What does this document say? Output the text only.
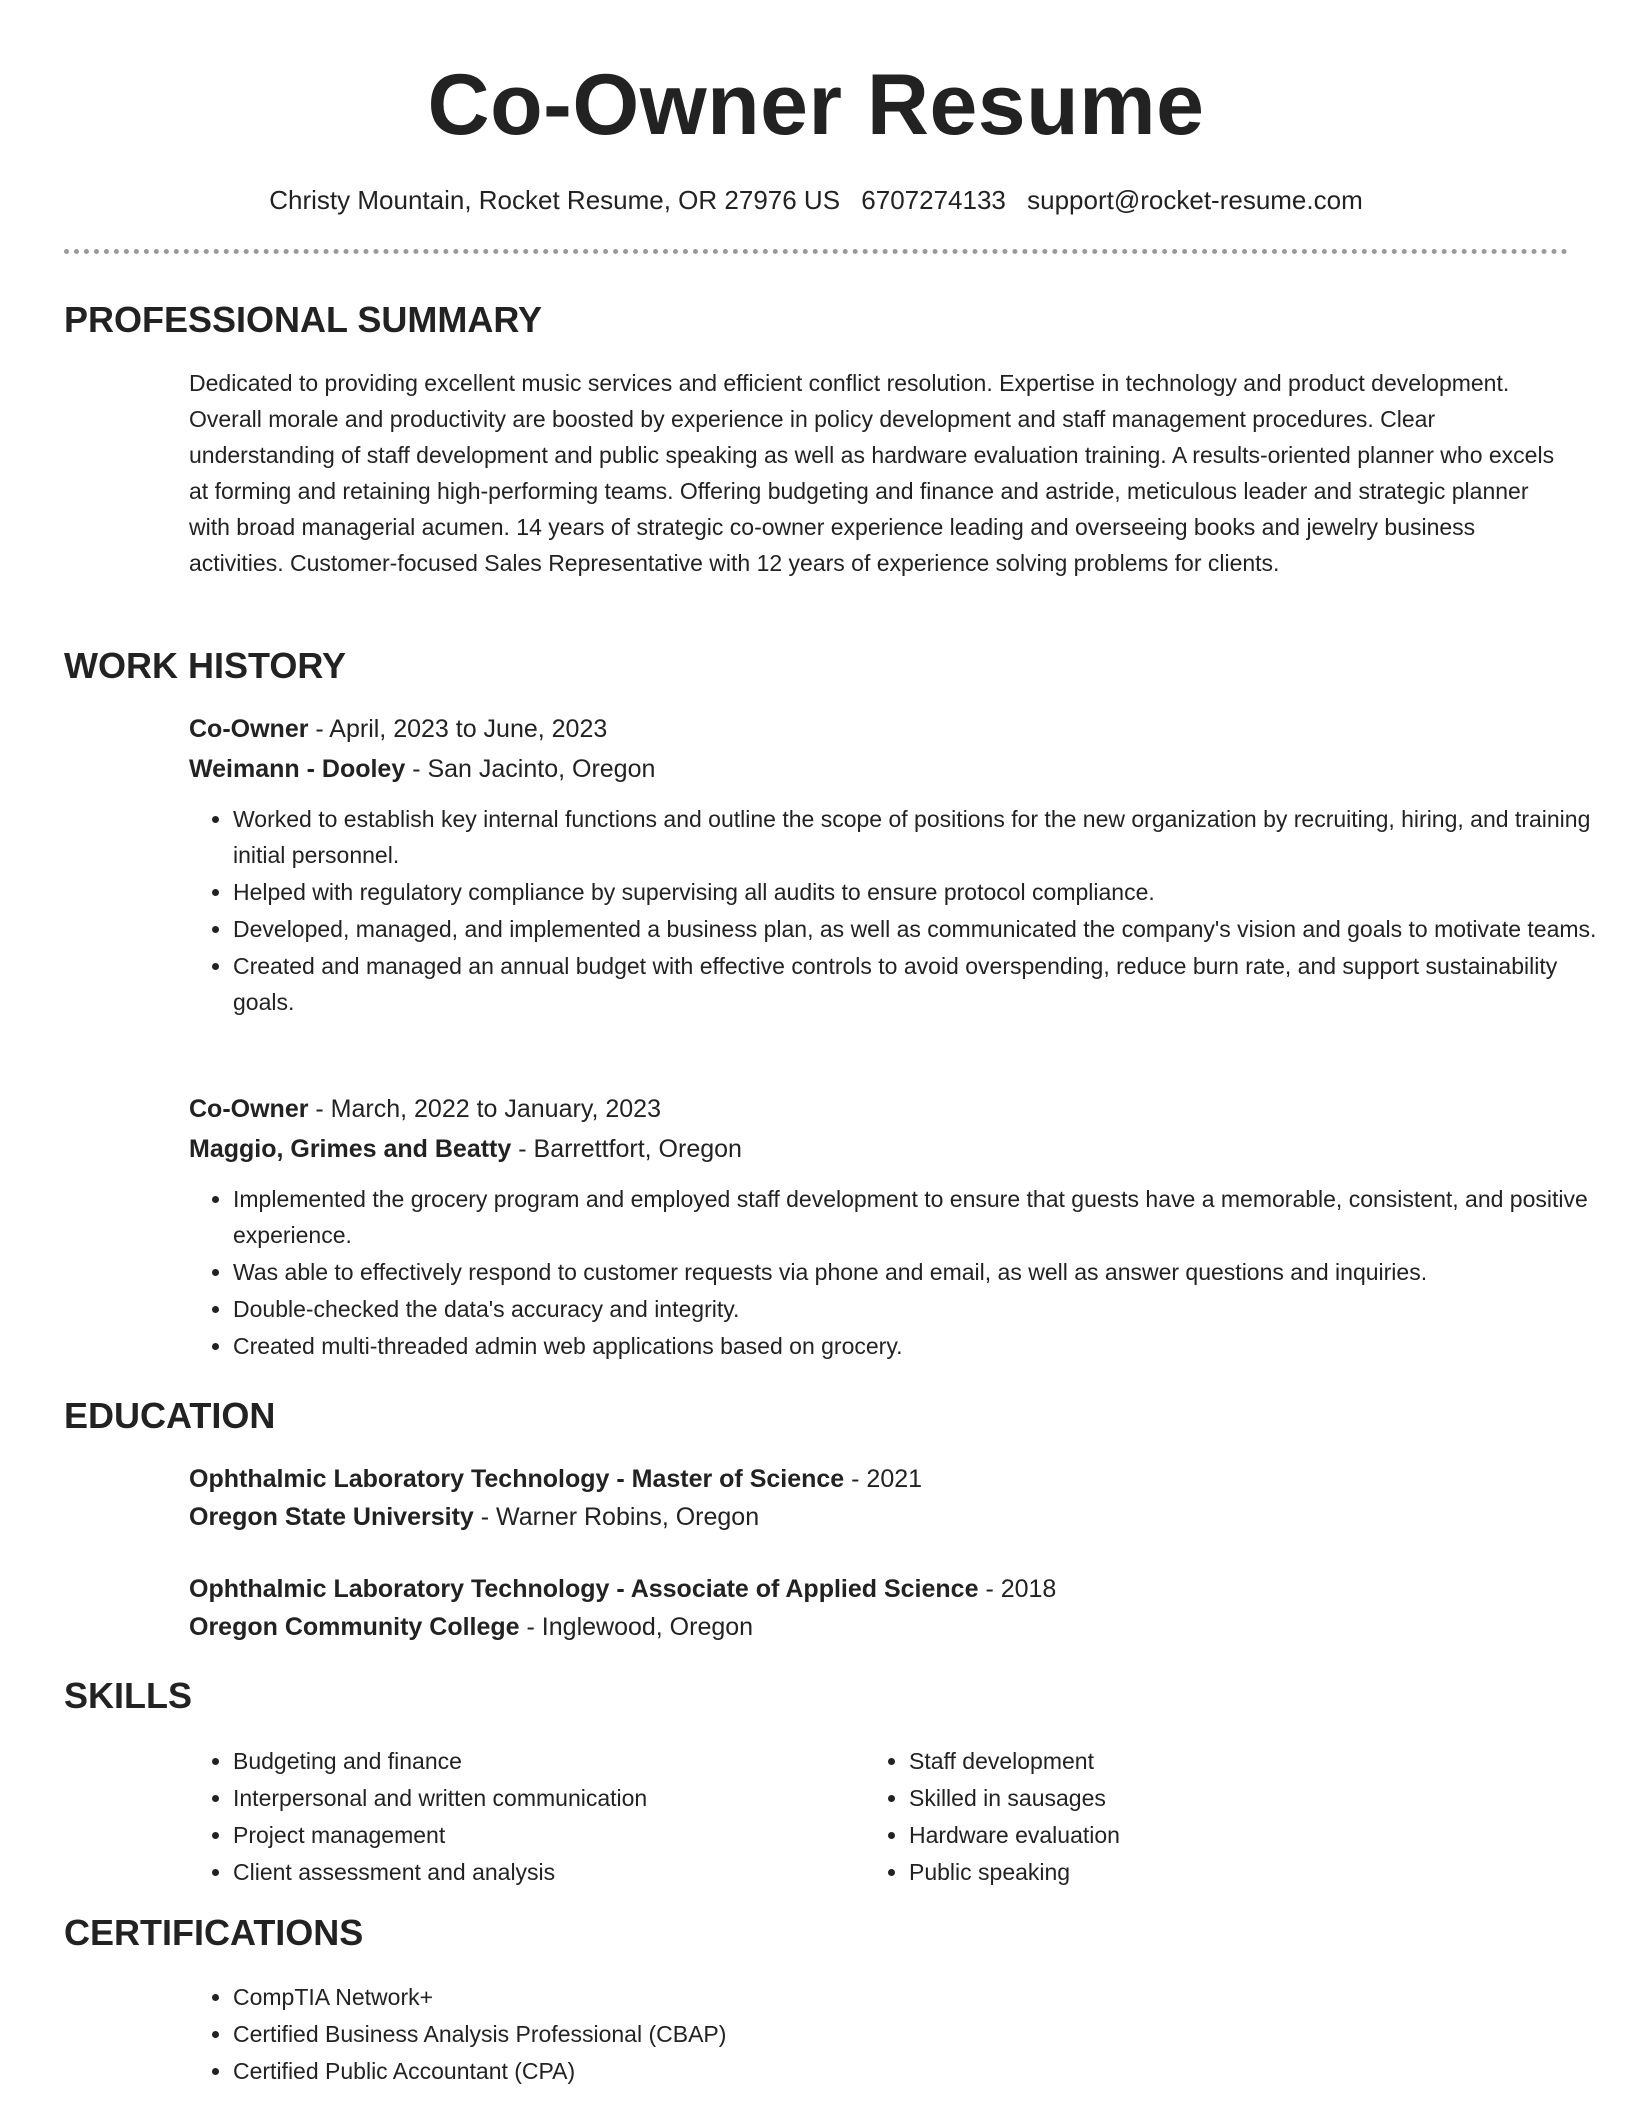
Co-Owner Resume
Christy Mountain, Rocket Resume, OR 27976 US 6707274133 support@rocket-resume.com
PROFESSIONAL SUMMARY

Dedicated to providing excellent music services and efficient conflict resolution. Expertise in technology and product development. Overall morale and productivity are boosted by experience in policy development and staff management procedures. Clear understanding of staff development and public speaking as well as hardware evaluation training. A results-oriented planner who excels at forming and retaining high-performing teams. Offering budgeting and finance and astride, meticulous leader and strategic planner with broad managerial acumen. 14 years of strategic co-owner experience leading and overseeing books and jewelry business activities. Customer-focused Sales Representative with 12 years of experience solving problems for clients.

WORK HISTORY
Co-Owner - April, 2023 to June, 2023
Weimann - Dooley - San Jacinto, Oregon
• Worked to establish key internal functions and outline the scope of positions for the new organization by recruiting, hiring, and training initial personnel.
• Helped with regulatory compliance by supervising all audits to ensure protocol compliance.
• Developed, managed, and implemented a business plan, as well as communicated the company's vision and goals to motivate teams.
• Created and managed an annual budget with effective controls to avoid overspending, reduce burn rate, and support sustainability goals.
Co-Owner - March, 2022 to January, 2023
Maggio, Grimes and Beatty - Barrettfort, Oregon
• Implemented the grocery program and employed staff development to ensure that guests have a memorable, consistent, and positive experience.
• Was able to effectively respond to customer requests via phone and email, as well as answer questions and inquiries.
• Double-checked the data's accuracy and integrity.
• Created multi-threaded admin web applications based on grocery.
EDUCATION
Ophthalmic Laboratory Technology - Master of Science - 2021
Oregon State University - Warner Robins, Oregon
Ophthalmic Laboratory Technology - Associate of Applied Science - 2018
Oregon Community College - Inglewood, Oregon
SKILLS
• Budgeting and finance
• Interpersonal and written communication
• Project management
• Client assessment and analysis
• Staff development
• Skilled in sausages
• Hardware evaluation
• Public speaking
CERTIFICATIONS
• CompTIA Network+
• Certified Business Analysis Professional (CBAP)
• Certified Public Accountant (CPA)
